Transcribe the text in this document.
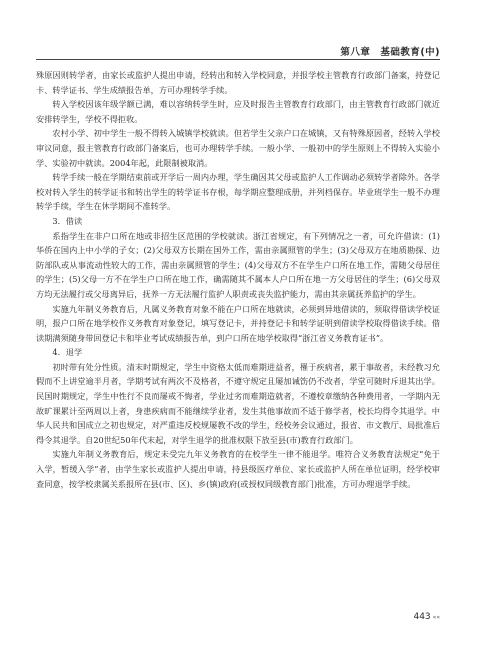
第八章　基础教育(中)

殊原因则转学者，由家长或监护人提出申请，经转出和转入学校同意，并报学校主管教育行政部门备案，持登记卡、转学证书、学生成绩报告单，方可办理转学手续。

转入学校因该年级学额已满，难以容纳转学生时，应及时报告主管教育行政部门，由主管教育行政部门就近安排转学生，学校不得拒收。

农村小学、初中学生一般不得转入城镇学校就读。但若学生父亲户口在城镇，又有特殊原因者，经转入学校审议同意，报主管教育行政部门备案后，也可办理转学手续。一般小学、一般初中的学生原则上不得转入实验小学、实验初中就读。2004年起，此限制被取消。

转学手续一般在学期结束前或开学后一周内办理，学生确因其父母或监护人工作调动必须转学者除外。各学校对转入学生的转学证书和转出学生的转学证书存根，每学期应整理成册，并列档保存。毕业班学生一般不办理转学手续，学生在休学期间不准转学。

3．借读

系指学生在非户口所在地或非招生区范围的学校就读。浙江省规定，有下列情况之一者，可允许借读：(1)华侨在国内上中小学的子女；(2)父母双方长期在国外工作，需由亲属照管的学生；(3)父母双方在地质勘探、边防部队或从事流动性较大的工作，需由亲属照管的学生；(4)父母双方不在学生户口所在地工作，需随父母居住的学生；(5)父母一方不在学生户口所在地工作，确需随其不属本人户口所在地一方父母居住的学生；(6)父母双方均无法履行或父母离异后，抚养一方无法履行监护人职责或丧失监护能力，需由其亲属抚养监护的学生。

实施九年制义务教育后，凡属义务教育对象不能在户口所在地就读，必须到异地借读的，须取得借读学校证明，报户口所在地学校作义务教育对象登记，填写登记卡，并持登记卡和转学证明到借读学校取得借读手续。借读期满须随身带回登记卡和毕业考试成绩报告单，到户口所在地学校取得“浙江省义务教育证书”。

4．退学

初时带有处分性质。清末时期规定，学生中资格太低而难期进益者，罹于疾病者，累于事故者，未经教习允假而不上讲堂逾半月者，学期考试有两次不及格者，不遵守规定且屡加诫饬仍不改者，学堂可随时斥退其出学。民国时期规定，学生中性行不良而屡戒不悔者，学业过劣而难期造就者，不遵校章缴纳各种费用者，一学期内无故旷课累计至两周以上者，身患疾病而不能继续学业者，发生其他事故而不适于修学者，校长均得令其退学。中华人民共和国成立之初也规定，对严重违反校规屡教不改的学生，经校务会议通过，报省、市文教厅、局批准后得令其退学。自20世纪50年代末起，对学生退学的批准权限下放至县(市)教育行政部门。

实施九年制义务教育后，规定未受完九年义务教育的在校学生一律不能退学。唯符合义务教育法规定“免于入学，暂缓入学”者，由学生家长或监护人提出申请，持县级医疗单位、家长或监护人所在单位证明，经学校审查同意，按学校隶属关系报所在县(市、区)、乡(镇)政府(或授权同级教育部门)批准，方可办理退学手续。

443 ««
